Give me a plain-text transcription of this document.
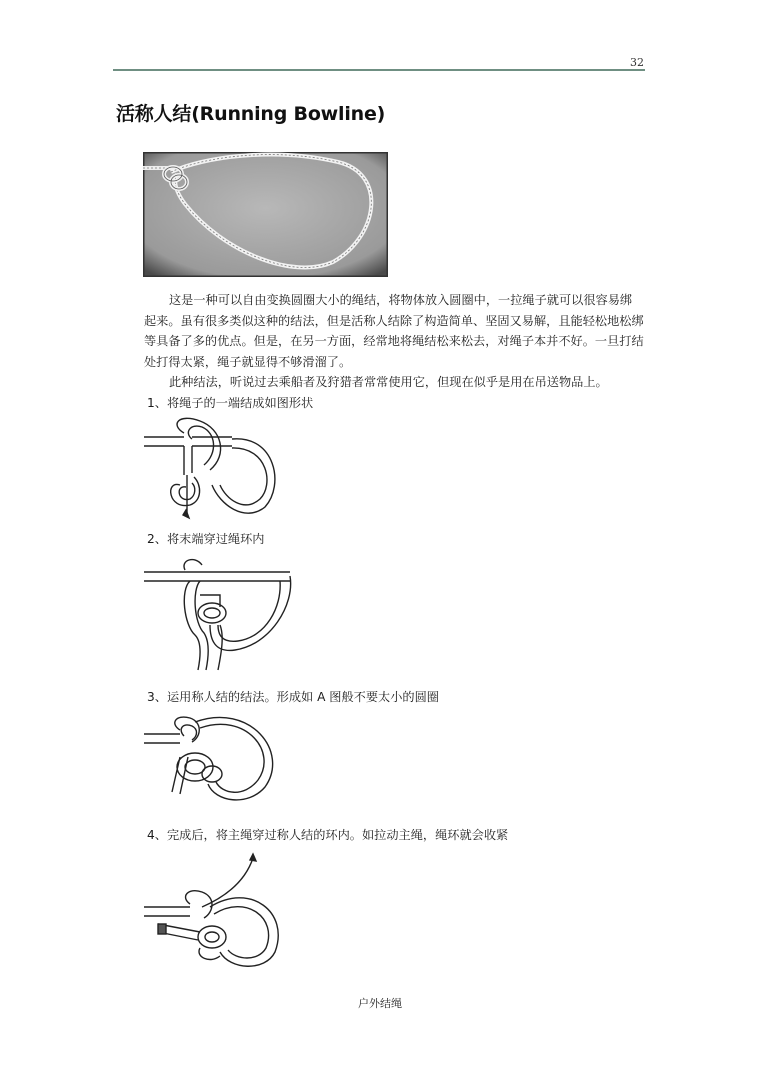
32
活称人结(Running Bowline)

这是一种可以自由变换圆圈大小的绳结，将物体放入圆圈中，一拉绳子就可以很容易绑起来。虽有很多类似这种的结法，但是活称人结除了构造简单、坚固又易解，且能轻松地松绑等具备了多的优点。但是，在另一方面，经常地将绳结松来松去，对绳子本并不好。一旦打结处打得太紧，绳子就显得不够滑溜了。

此种结法，听说过去乘船者及狩猎者常常使用它，但现在似乎是用在吊送物品上。

1、将绳子的一端结成如图形状

2、将末端穿过绳环内

3、运用称人结的结法。形成如 A 图般不要太小的圆圈

4、完成后，将主绳穿过称人结的环内。如拉动主绳，绳环就会收紧

户外结绳
